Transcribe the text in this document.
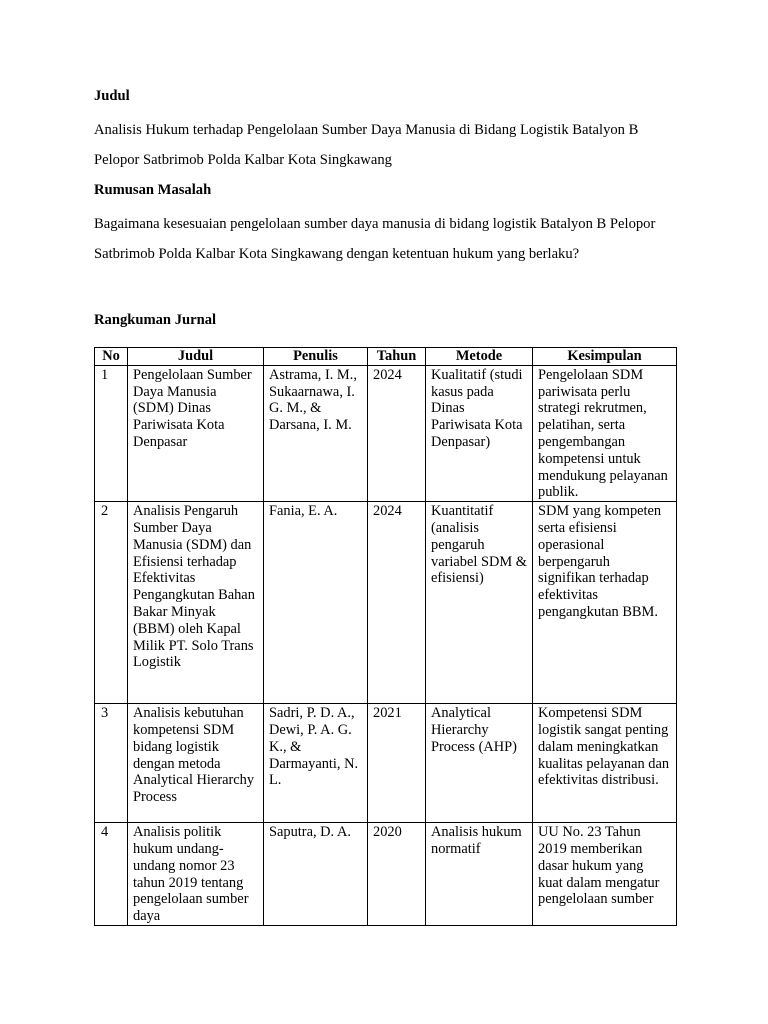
Judul
Analisis Hukum terhadap Pengelolaan Sumber Daya Manusia di Bidang Logistik Batalyon B Pelopor Satbrimob Polda Kalbar Kota Singkawang
Rumusan Masalah
Bagaimana kesesuaian pengelolaan sumber daya manusia di bidang logistik Batalyon B Pelopor Satbrimob Polda Kalbar Kota Singkawang dengan ketentuan hukum yang berlaku?
Rangkuman Jurnal
No	Judul	Penulis	Tahun	Metode	Kesimpulan
1	Pengelolaan Sumber Daya Manusia (SDM) Dinas Pariwisata Kota Denpasar	Astrama, I. M., Sukaarnawa, I. G. M., & Darsana, I. M.	2024	Kualitatif (studi kasus pada Dinas Pariwisata Kota Denpasar)	Pengelolaan SDM pariwisata perlu strategi rekrutmen, pelatihan, serta pengembangan kompetensi untuk mendukung pelayanan publik.
2	Analisis Pengaruh Sumber Daya Manusia (SDM) dan Efisiensi terhadap Efektivitas Pengangkutan Bahan Bakar Minyak (BBM) oleh Kapal Milik PT. Solo Trans Logistik	Fania, E. A.	2024	Kuantitatif (analisis pengaruh variabel SDM & efisiensi)	SDM yang kompeten serta efisiensi operasional berpengaruh signifikan terhadap efektivitas pengangkutan BBM.
3	Analisis kebutuhan kompetensi SDM bidang logistik dengan metoda Analytical Hierarchy Process	Sadri, P. D. A., Dewi, P. A. G. K., & Darmayanti, N. L.	2021	Analytical Hierarchy Process (AHP)	Kompetensi SDM logistik sangat penting dalam meningkatkan kualitas pelayanan dan efektivitas distribusi.
4	Analisis politik hukum undang-undang nomor 23 tahun 2019 tentang pengelolaan sumber daya	Saputra, D. A.	2020	Analisis hukum normatif	UU No. 23 Tahun 2019 memberikan dasar hukum yang kuat dalam mengatur pengelolaan sumber
